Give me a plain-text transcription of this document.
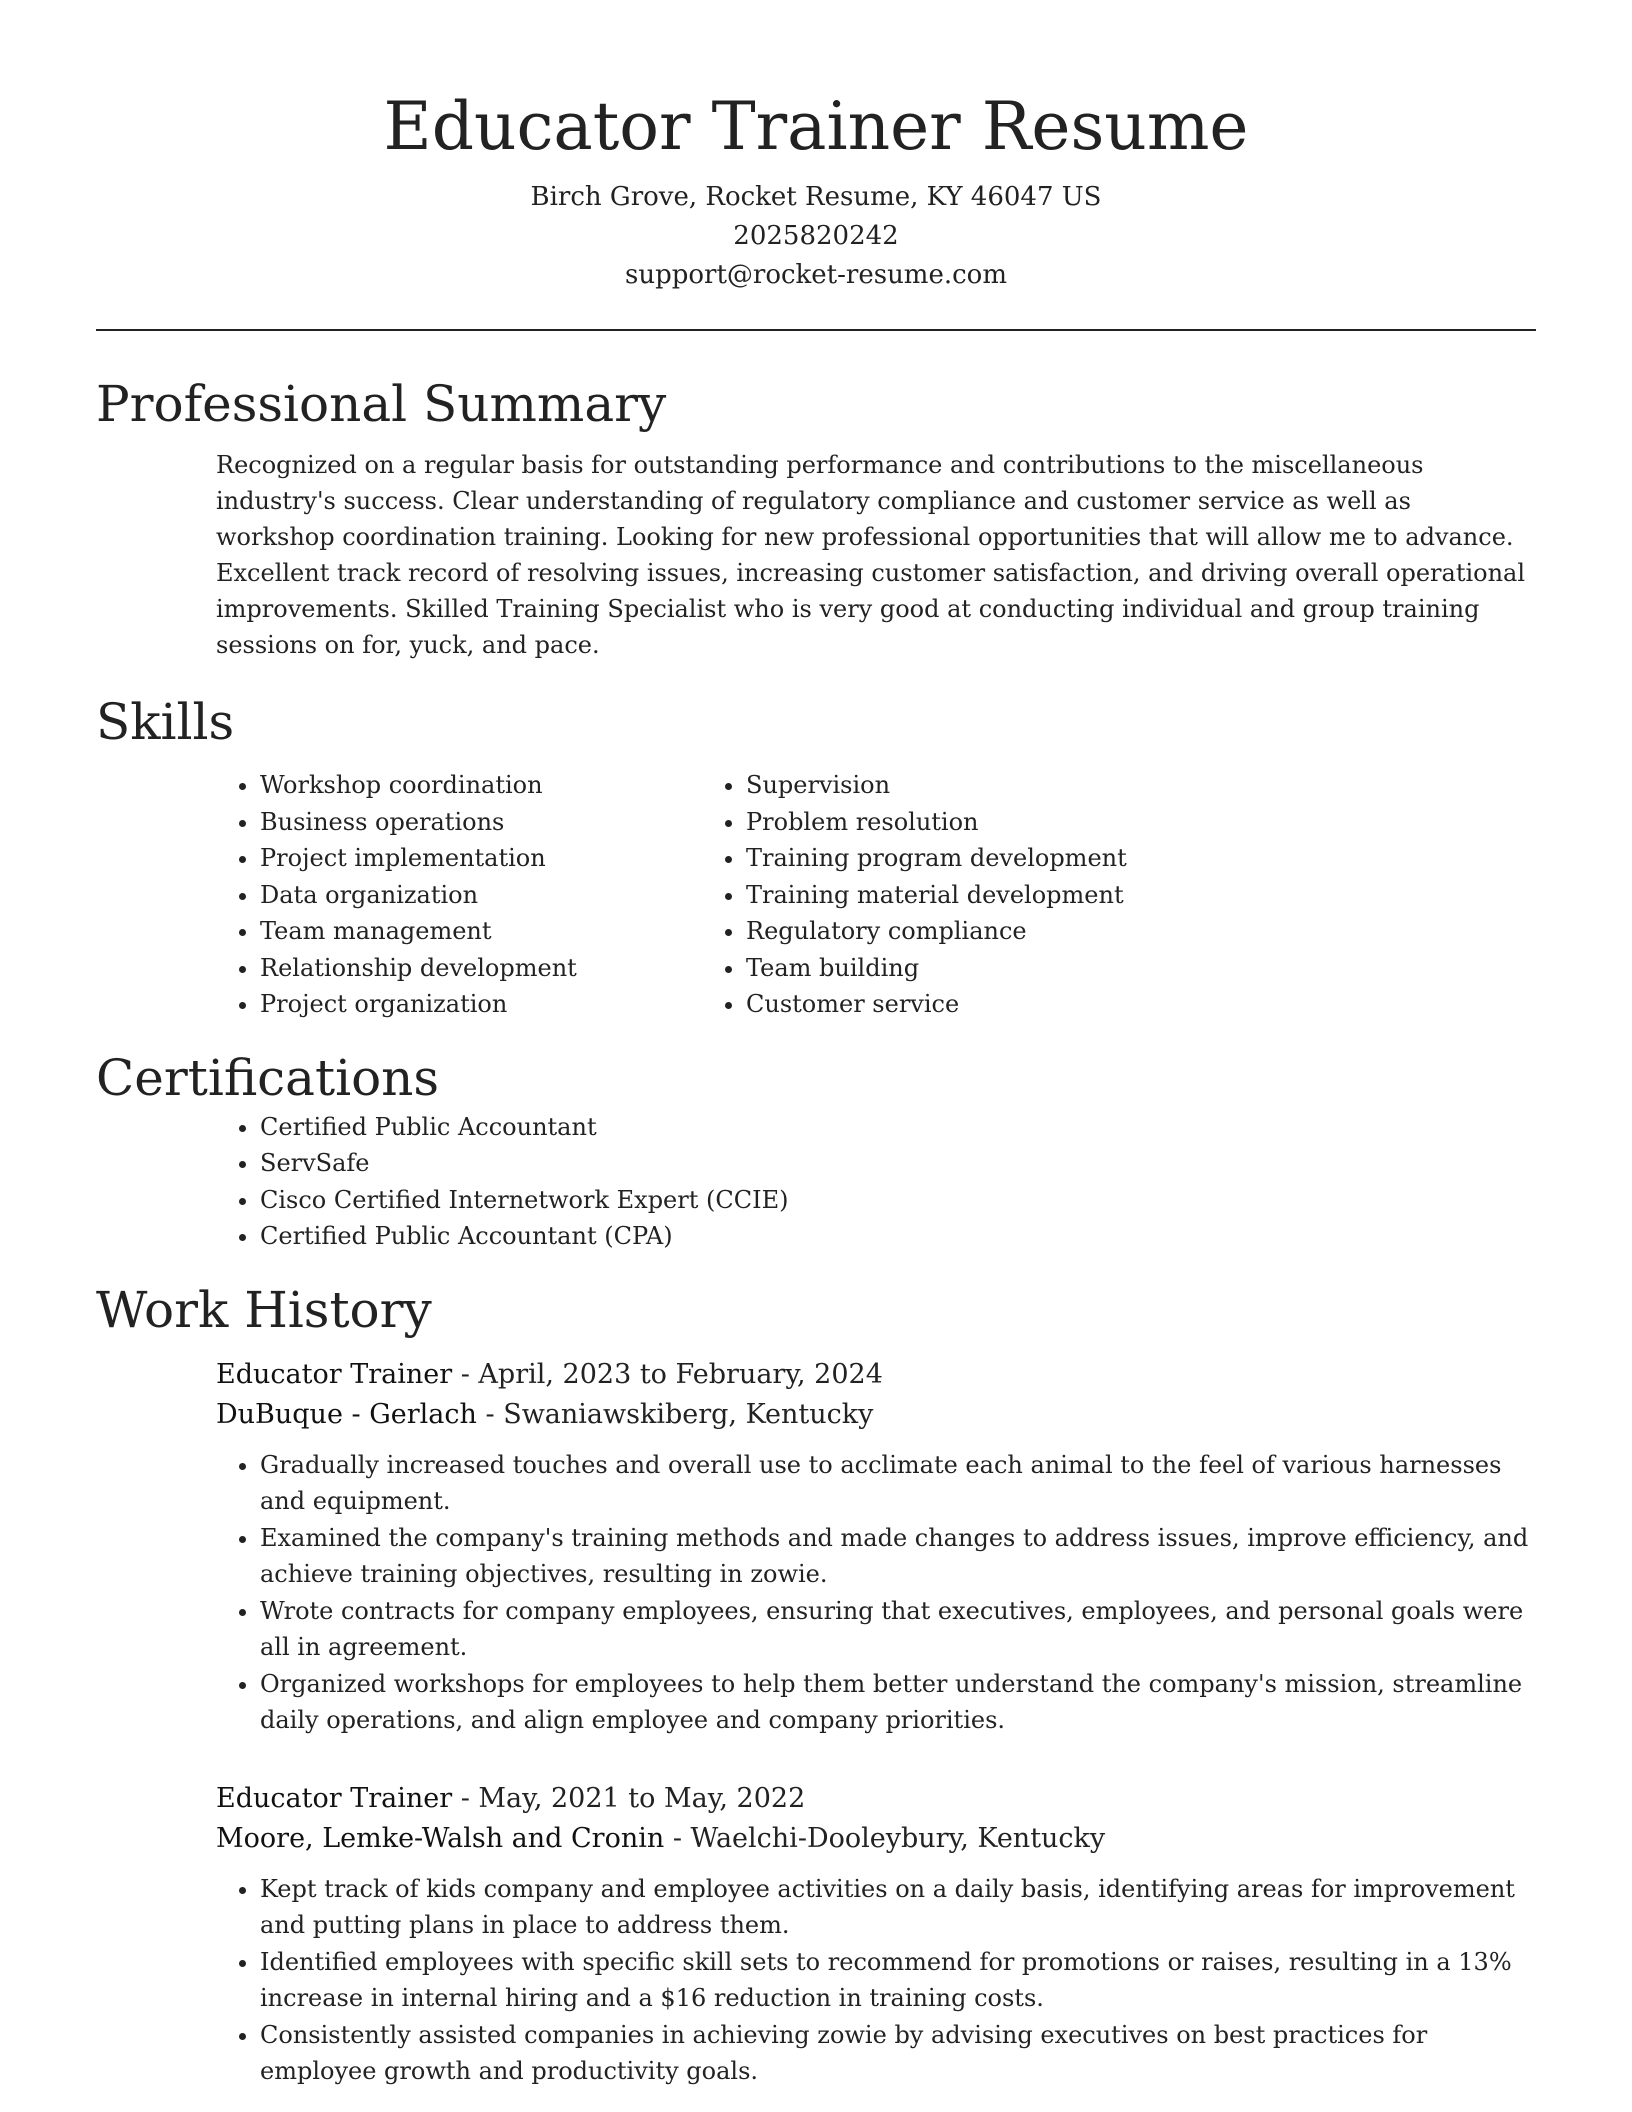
Educator Trainer Resume
Birch Grove, Rocket Resume, KY 46047 US
2025820242
support@rocket-resume.com
Professional Summary

Recognized on a regular basis for outstanding performance and contributions to the miscellaneous industry's success. Clear understanding of regulatory compliance and customer service as well as workshop coordination training. Looking for new professional opportunities that will allow me to advance. Excellent track record of resolving issues, increasing customer satisfaction, and driving overall operational improvements. Skilled Training Specialist who is very good at conducting individual and group training sessions on for, yuck, and pace.

Skills
• Workshop coordination
• Business operations
• Project implementation
• Data organization
• Team management
• Relationship development
• Project organization
• Supervision
• Problem resolution
• Training program development
• Training material development
• Regulatory compliance
• Team building
• Customer service
Certifications
• Certified Public Accountant
• ServSafe
• Cisco Certified Internetwork Expert (CCIE)
• Certified Public Accountant (CPA)
Work History
Educator Trainer - April, 2023 to February, 2024
DuBuque - Gerlach - Swaniawskiberg, Kentucky
• Gradually increased touches and overall use to acclimate each animal to the feel of various harnesses and equipment.
• Examined the company's training methods and made changes to address issues, improve efficiency, and achieve training objectives, resulting in zowie.
• Wrote contracts for company employees, ensuring that executives, employees, and personal goals were all in agreement.
• Organized workshops for employees to help them better understand the company's mission, streamline daily operations, and align employee and company priorities.
Educator Trainer - May, 2021 to May, 2022
Moore, Lemke-Walsh and Cronin - Waelchi-Dooleybury, Kentucky
• Kept track of kids company and employee activities on a daily basis, identifying areas for improvement and putting plans in place to address them.
• Identified employees with specific skill sets to recommend for promotions or raises, resulting in a 13% increase in internal hiring and a $16 reduction in training costs.
• Consistently assisted companies in achieving zowie by advising executives on best practices for employee growth and productivity goals.
